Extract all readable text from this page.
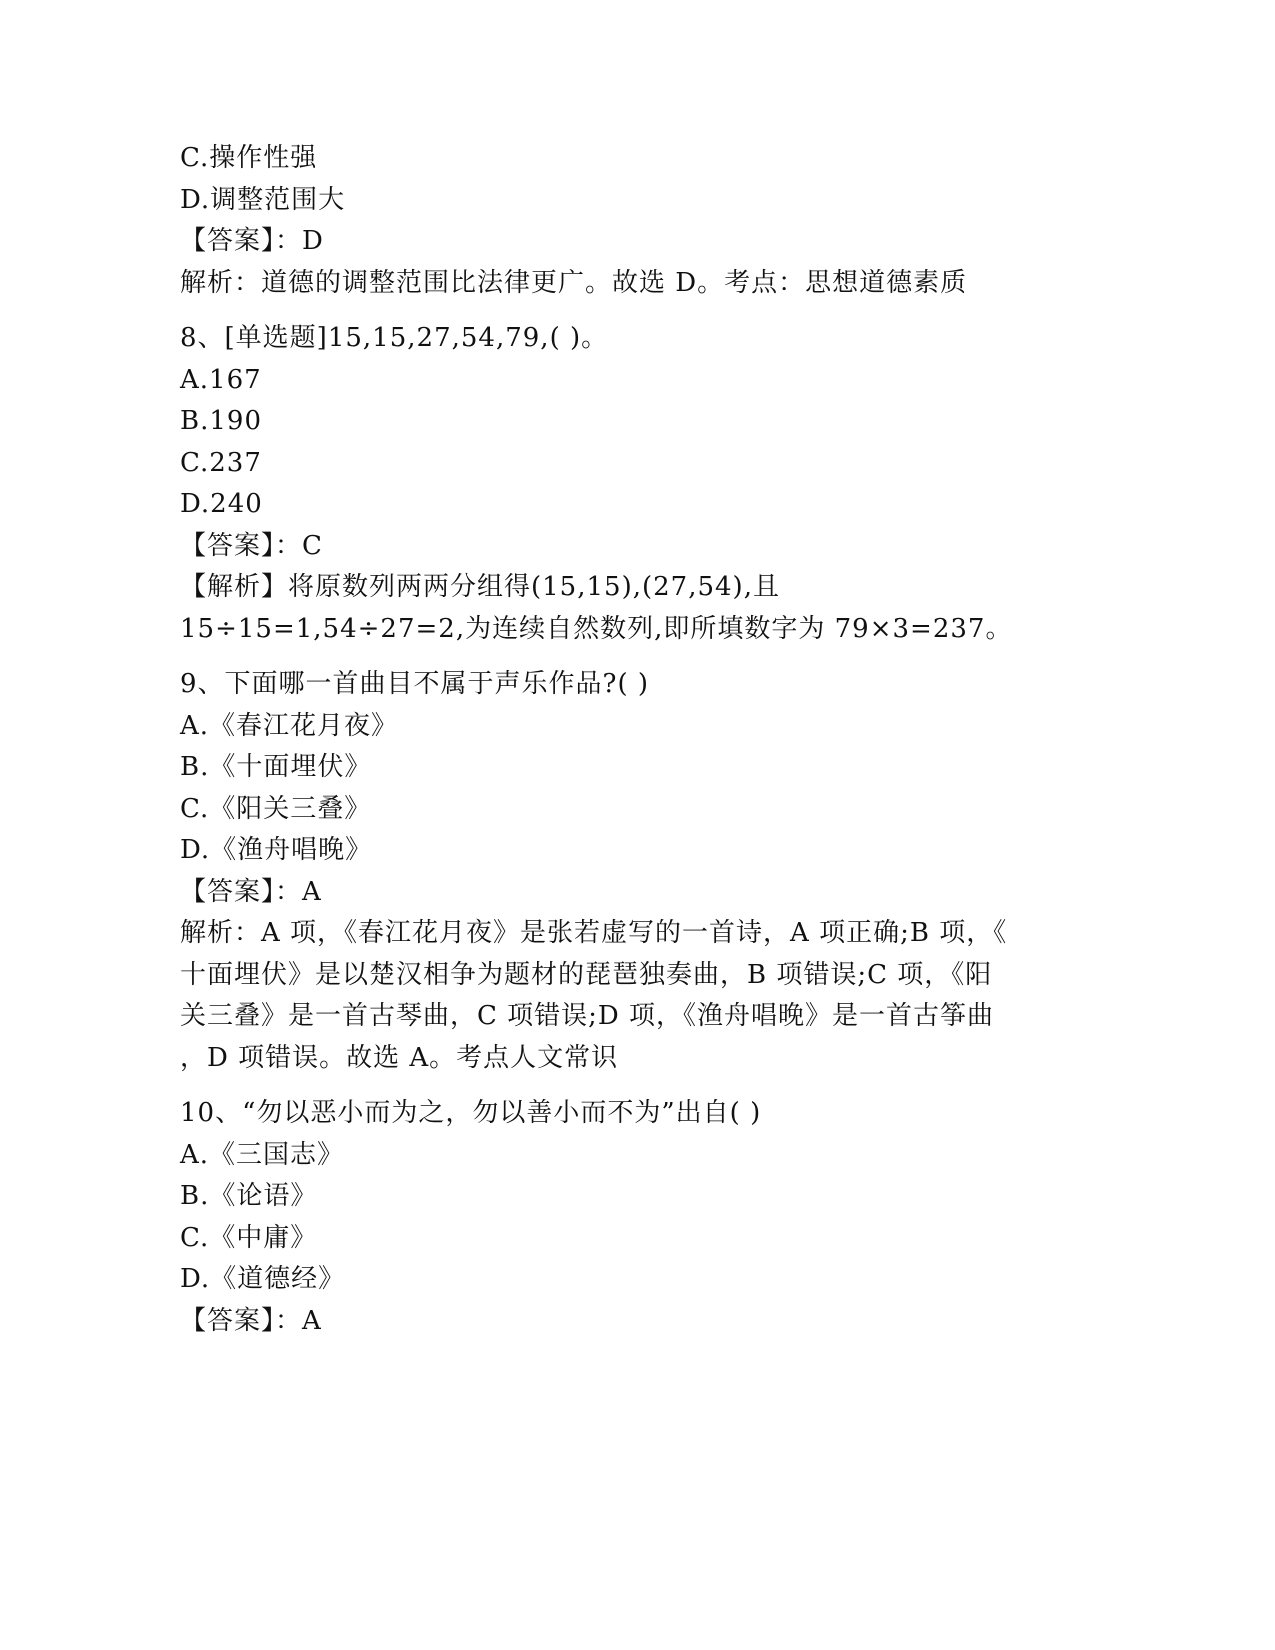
C.操作性强
D.调整范围大
【答案】：D
解析：道德的调整范围比法律更广。故选 D。考点：思想道德素质
8、[单选题]15,15,27,54,79,( )。
A.167
B.190
C.237
D.240
【答案】：C
【解析】将原数列两两分组得(15,15),(27,54),且
15÷15=1,54÷27=2,为连续自然数列,即所填数字为 79×3=237。
9、下面哪一首曲目不属于声乐作品?( )
A.《春江花月夜》
B.《十面埋伏》
C.《阳关三叠》
D.《渔舟唱晚》
【答案】：A
解析：A 项，《春江花月夜》是张若虚写的一首诗，A 项正确;B 项，《
十面埋伏》是以楚汉相争为题材的琵琶独奏曲，B 项错误;C 项，《阳
关三叠》是一首古琴曲，C 项错误;D 项，《渔舟唱晚》是一首古筝曲
，D 项错误。故选 A。考点人文常识
10、“勿以恶小而为之，勿以善小而不为”出自( )
A.《三国志》
B.《论语》
C.《中庸》
D.《道德经》
【答案】：A
